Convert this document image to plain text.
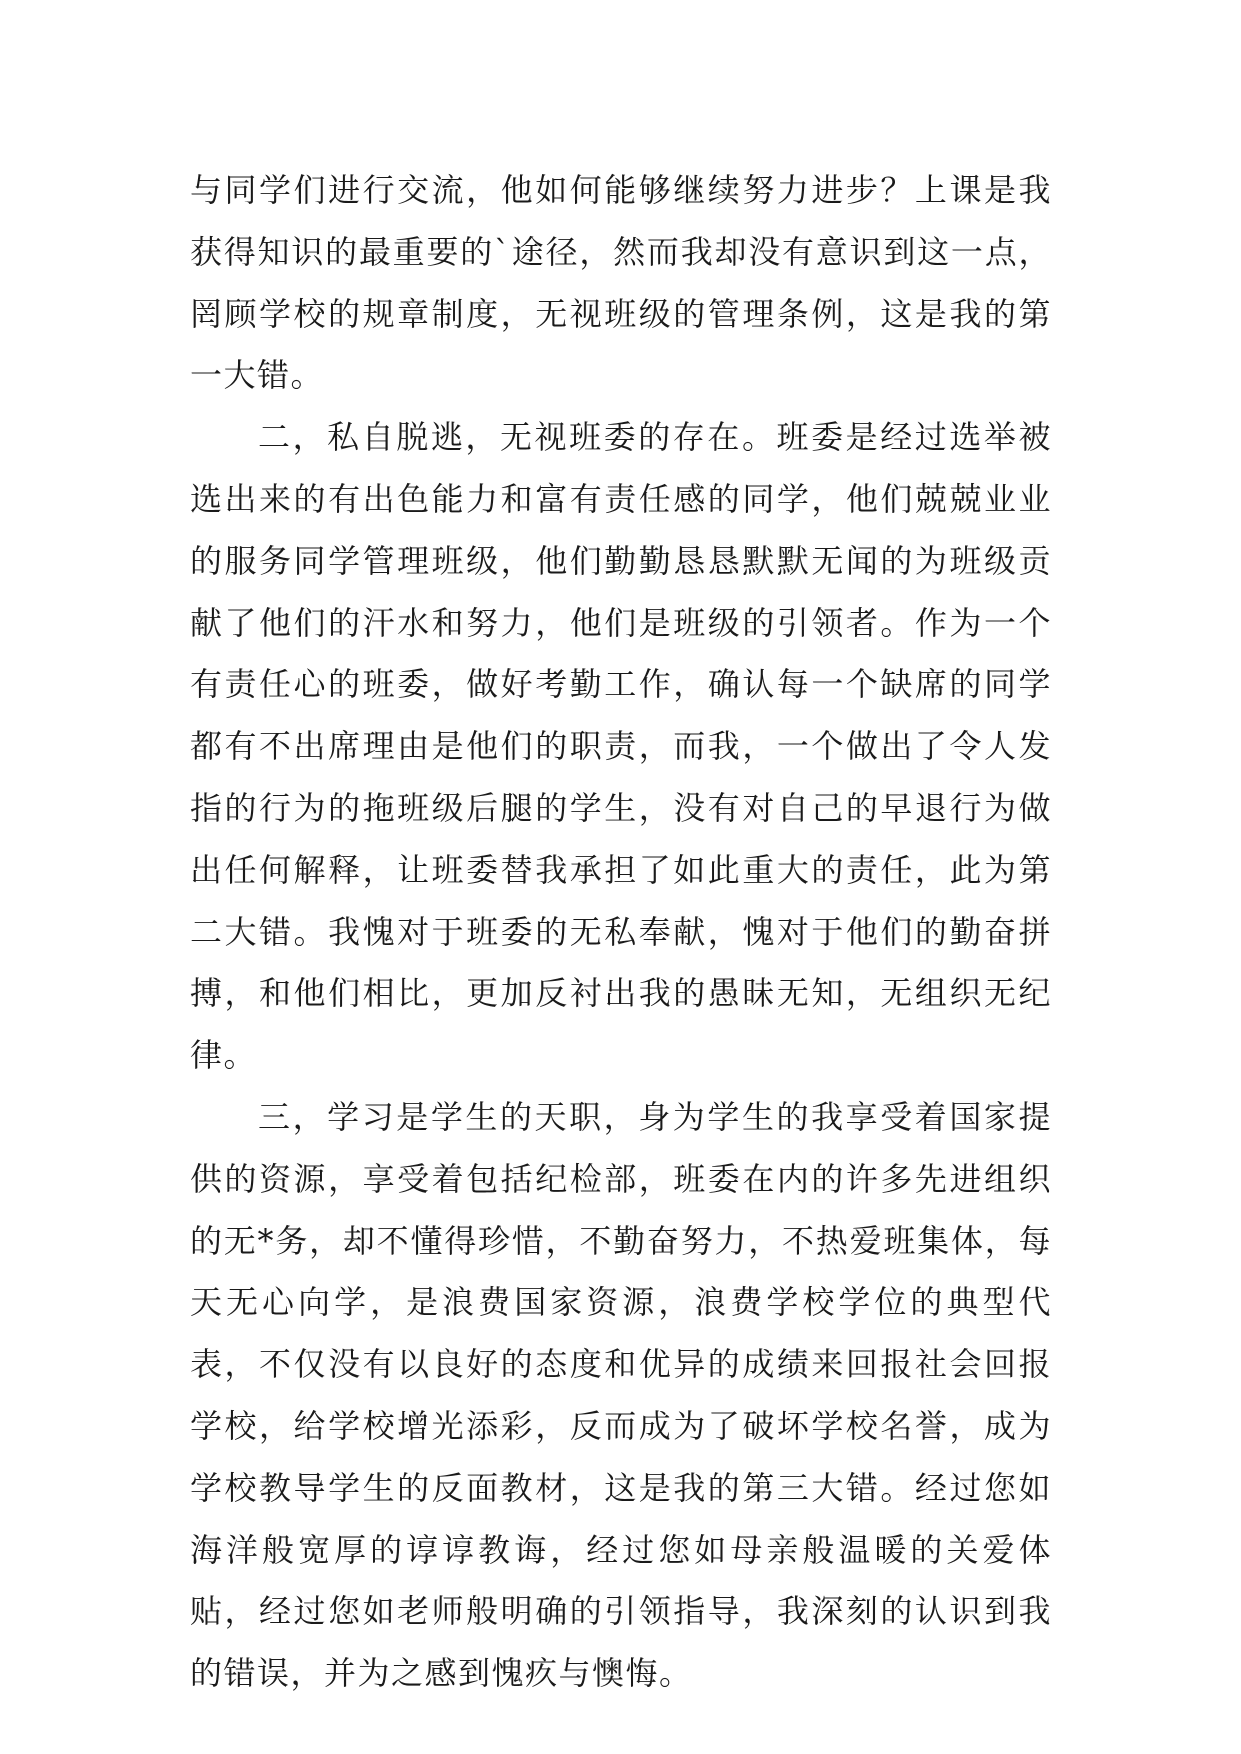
与同学们进行交流，他如何能够继续努力进步？上课是我获得知识的最重要的`途径，然而我却没有意识到这一点，罔顾学校的规章制度，无视班级的管理条例，这是我的第一大错。

二，私自脱逃，无视班委的存在。班委是经过选举被选出来的有出色能力和富有责任感的同学，他们兢兢业业的服务同学管理班级，他们勤勤恳恳默默无闻的为班级贡献了他们的汗水和努力，他们是班级的引领者。作为一个有责任心的班委，做好考勤工作，确认每一个缺席的同学都有不出席理由是他们的职责，而我，一个做出了令人发指的行为的拖班级后腿的学生，没有对自己的早退行为做出任何解释，让班委替我承担了如此重大的责任，此为第二大错。我愧对于班委的无私奉献，愧对于他们的勤奋拼搏，和他们相比，更加反衬出我的愚昧无知，无组织无纪律。

三，学习是学生的天职，身为学生的我享受着国家提供的资源，享受着包括纪检部，班委在内的许多先进组织的无*务，却不懂得珍惜，不勤奋努力，不热爱班集体，每天无心向学，是浪费国家资源，浪费学校学位的典型代表，不仅没有以良好的态度和优异的成绩来回报社会回报学校，给学校增光添彩，反而成为了破坏学校名誉，成为学校教导学生的反面教材，这是我的第三大错。经过您如海洋般宽厚的谆谆教诲，经过您如母亲般温暖的关爱体贴，经过您如老师般明确的引领指导，我深刻的认识到我的错误，并为之感到愧疚与懊悔。
